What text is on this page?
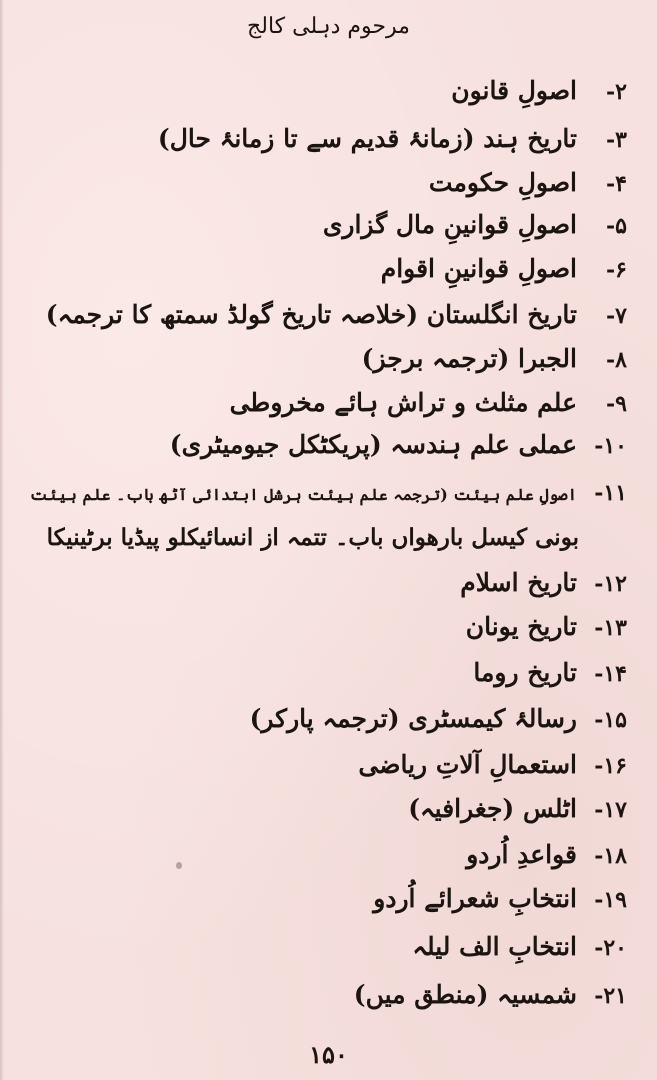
مرحوم دہلی کالج
۲-اصولِ قانون
۳-تاریخ ہند (زمانۂ قدیم سے تا زمانۂ حال)
۴-اصولِ حکومت
۵-اصولِ قوانینِ مال گزاری
۶-اصولِ قوانینِ اقوام
۷-تاریخ انگلستان (خلاصہ تاریخ گولڈ سمتھ کا ترجمہ)
۸-الجبرا (ترجمہ برجز)
۹-علم مثلث و تراش ہائے مخروطی
۱۰-عملی علم ہندسہ (پریکٹکل جیومیٹری)
۱۱-اصولِ علم ہیئت (ترجمہ علم ہیئت ہرشل ابتدائی آٹھ باب۔ علم ہیئت
بونی کیسل بارھواں باب۔ تتمہ از انسائیکلو پیڈیا برٹینیکا
۱۲-تاریخ اسلام
۱۳-تاریخ یونان
۱۴-تاریخ روما
۱۵-رسالۂ کیمسٹری (ترجمہ پارکر)
۱۶-استعمالِ آلاتِ ریاضی
۱۷-اٹلس (جغرافیہ)
۱۸-قواعدِ اُردو
۱۹-انتخابِ شعرائے اُردو
۲۰-انتخابِ الف لیلہ
۲۱-شمسیہ (منطق میں)
۱۵۰
